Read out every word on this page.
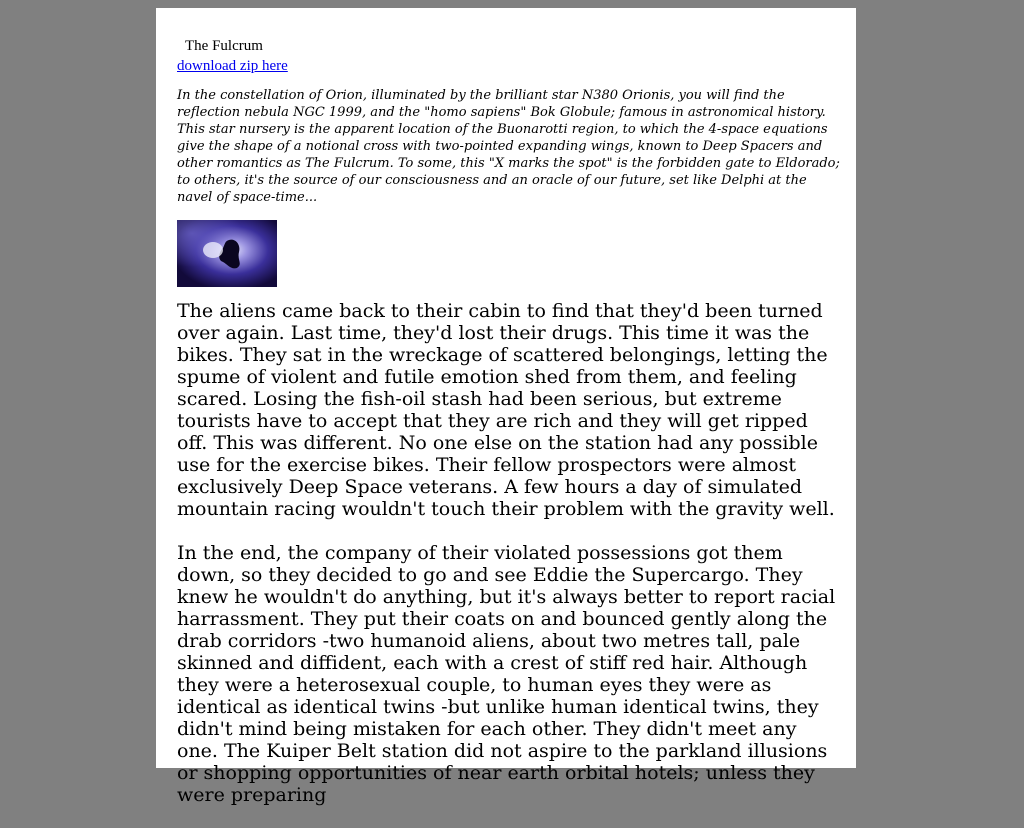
The Fulcrum
download zip here

In the constellation of Orion, illuminated by the brilliant star N380 Orionis, you will find the reflection nebula NGC 1999, and the "homo sapiens" Bok Globule; famous in astronomical history. This star nursery is the apparent location of the Buonarotti region, to which the 4-space equations give the shape of a notional cross with two-pointed expanding wings, known to Deep Spacers and other romantics as The Fulcrum. To some, this "X marks the spot" is the forbidden gate to Eldorado; to others, it's the source of our consciousness and an oracle of our future, set like Delphi at the navel of space-time...

The aliens came back to their cabin to find that they'd been turned over again. Last time, they'd lost their drugs. This time it was the bikes. They sat in the wreckage of scattered belongings, letting the spume of violent and futile emotion shed from them, and feeling scared. Losing the fish-oil stash had been serious, but extreme tourists have to accept that they are rich and they will get ripped off. This was different. No one else on the station had any possible use for the exercise bikes. Their fellow prospectors were almost exclusively Deep Space veterans. A few hours a day of simulated mountain racing wouldn't touch their problem with the gravity well.

In the end, the company of their violated possessions got them down, so they decided to go and see Eddie the Supercargo. They knew he wouldn't do anything, but it's always better to report racial harrassment. They put their coats on and bounced gently along the drab corridors -two humanoid aliens, about two metres tall, pale skinned and diffident, each with a crest of stiff red hair. Although they were a heterosexual couple, to human eyes they were as identical as identical twins -but unlike human identical twins, they didn't mind being mistaken for each other. They didn't meet any one. The Kuiper Belt station did not aspire to the parkland illusions or shopping opportunities of near earth orbital hotels; unless they were preparing
